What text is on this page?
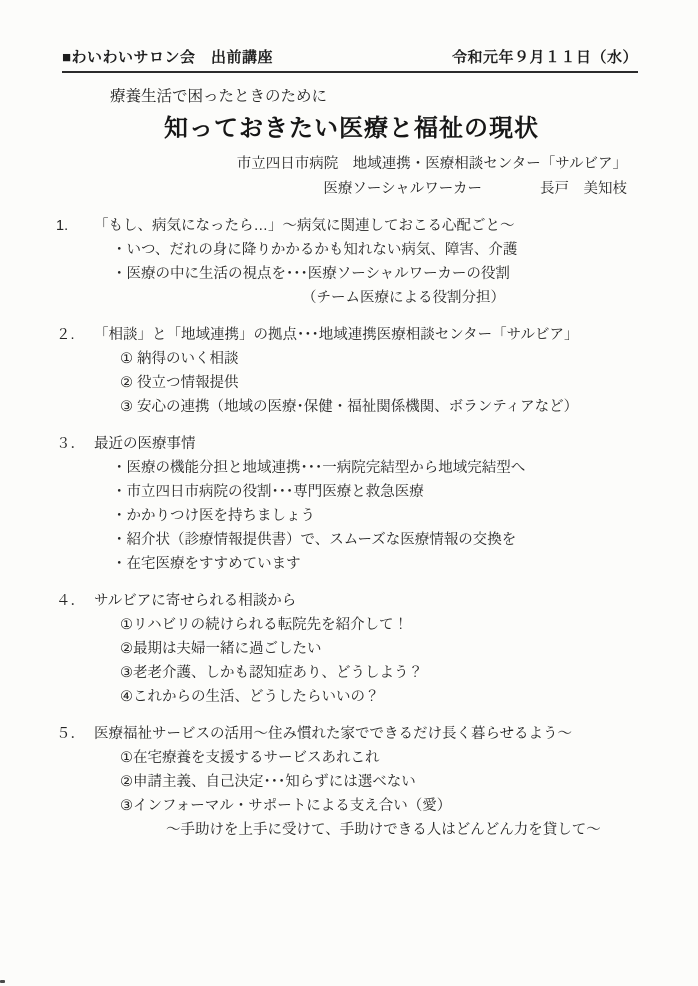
■わいわいサロン会　出前講座	令和元年９月１１日（水）
療養生活で困ったときのために
知っておきたい医療と福祉の現状
市立四日市病院　地域連携・医療相談センター「サルビア」
医療ソーシャルワーカー　　　　長戸　美知枝
1.	「もし、病気になったら…」～病気に関連しておこる心配ごと～
・いつ、だれの身に降りかかるかも知れない病気、障害、介護
・医療の中に生活の視点を･･･医療ソーシャルワーカーの役割
（チーム医療による役割分担）
２.	「相談」と「地域連携」の拠点･･･地域連携医療相談センター「サルビア」
① 納得のいく相談
② 役立つ情報提供
③ 安心の連携（地域の医療･保健・福祉関係機関、ボランティアなど）
３． 最近の医療事情
・医療の機能分担と地域連携･･･一病院完結型から地域完結型へ
・市立四日市病院の役割･･･専門医療と救急医療
・かかりつけ医を持ちましょう
・紹介状（診療情報提供書）で、スムーズな医療情報の交換を
・在宅医療をすすめています
４． サルビアに寄せられる相談から
①リハビリの続けられる転院先を紹介して！
②最期は夫婦一緒に過ごしたい
③老老介護、しかも認知症あり、どうしよう？
④これからの生活、どうしたらいいの？
５． 医療福祉サービスの活用～住み慣れた家でできるだけ長く暮らせるよう～
①在宅療養を支援するサービスあれこれ
②申請主義、自己決定･･･知らずには選べない
③インフォーマル・サポートによる支え合い（愛）
～手助けを上手に受けて、手助けできる人はどんどん力を貸して～
